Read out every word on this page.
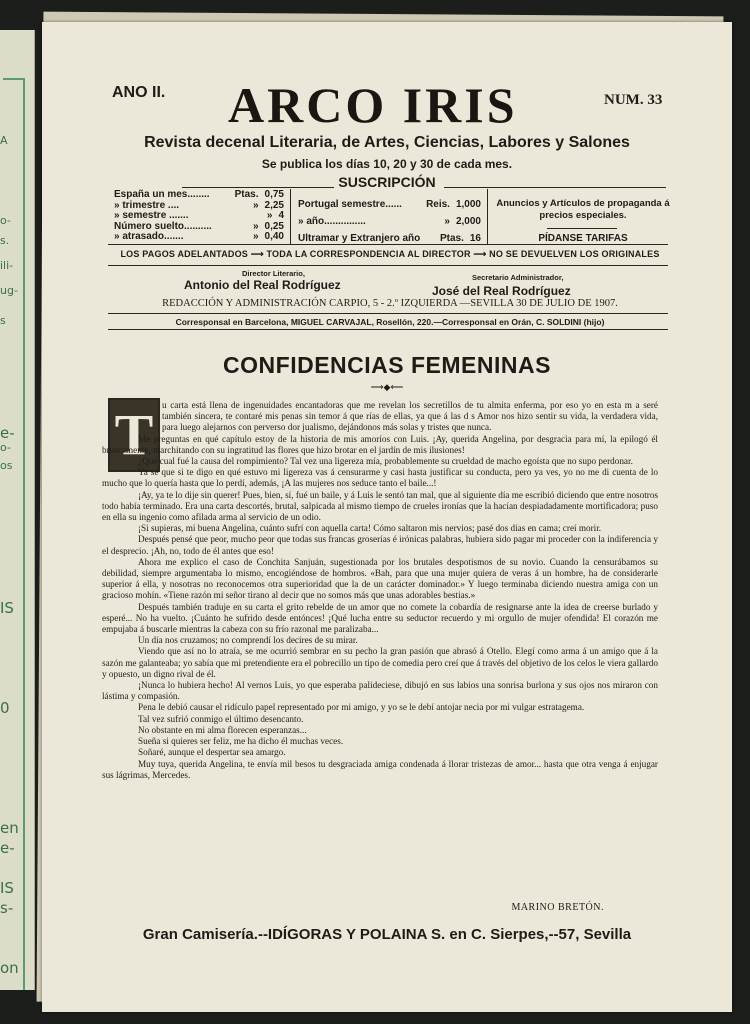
A
o-
s.
ili-
ug-
s
e-
o-
os
IS
0
en
e-
IS
s-
on
ANO II. ARCO IRIS	NUM. 33
Revista decenal Literaria, de Artes, Ciencias, Labores y Salones
Se publica los días 10, 20 y 30 de cada mes.
SUSCRIPCIÓN
España un mes........	Ptas. 0,75
» trimestre ....	» 2,25
» semestre .......	» 4
Número suelto..........	» 0,25
» atrasado.......	» 0,40
Portugal semestre...... Reis. 1,000
» año...............	» 2,000
Ultramar y Extranjero año Ptas. 16
Anuncios y Artículos de propaganda á precios especiales.
PÍDANSE TARIFAS
LOS PAGOS ADELANTADOS ⟶ TODA LA CORRESPONDENCIA AL DIRECTOR ⟶ NO SE DEVUELVEN LOS ORIGINALES
Director Literario,
Antonio del Real Rodríguez
Secretario Administrador,
José del Real Rodríguez
REDACCIÓN Y ADMINISTRACIÓN CARPIO, 5 - 2.º IZQUIERDA —SEVILLA 30 DE JULIO DE 1907.
Corresponsal en Barcelona, MIGUEL CARVAJAL, Rosellón, 220.—Corresponsal en Orán, C. SOLDINI (hijo)
CONFIDENCIAS FEMENINAS
⟶◆⟵
T u carta está llena de ingenuidades encantadoras que me revelan los secretillos de tu almita enferma, por eso yo en esta m a seré también sincera, te contaré mis penas sin temor á que rías de ellas, ya que á las d s Amor nos hizo sentir su vida, la verdadera vida, para luego alejarnos con perverso dor jualismo, dejándonos más solas y tristes que nunca.

Me preguntas en qué capítulo estoy de la historia de mis amoríos con Luis. ¡Ay, querida Angelina, por desgracia para mí, la epilogó él bruscamente, marchitando con su ingratitud las flores que hizo brotar en el jardín de mis ilusiones!

¿Qué cual fué la causa del rompimiento? Tal vez una ligereza mía, probablemente su crueldad de macho egoísta que no supo perdonar.

Ya sé que si te digo en qué estuvo mi ligereza vas á censurarme y casi hasta justificar su conducta, pero ya ves, yo no me di cuenta de lo mucho que lo quería hasta que lo perdí, además, ¡A las mujeres nos seduce tanto el baile...!

¡Ay, ya te lo dije sin querer! Pues, bien, sí, fué un baile, y á Luis le sentó tan mal, que al siguiente día me escribió diciendo que entre nosotros todo había terminado. Era una carta descortés, brutal, salpicada al mismo tiempo de crueles ironías que la hacían despiadadamente mortificadora; puso en ella su ingenio como afilada arma al servicio de un odio.

¡Si supieras, mi buena Angelina, cuánto sufrí con aquella carta! Cómo saltaron mis nervios; pasé dos días en cama; creí morir.

Después pensé que peor, mucho peor que todas sus francas groserías é irónicas palabras, hubiera sido pagar mi proceder con la indiferencia y el desprecio. ¡Ah, no, todo de él antes que eso!

Ahora me explico el caso de Conchita Sanjuán, sugestionada por los brutales despotismos de su novio. Cuando la censurábamos su debilidad, siempre argumentaba lo mismo, encogiéndose de hombros. «Bah, para que una mujer quiera de veras á un hombre, ha de considerarle superior á ella, y nosotras no reconocemos otra superioridad que la de un carácter dominador.» Y luego terminaba diciendo nuestra amiga con un gracioso mohín. «Tiene razón mi señor tirano al decir que no somos más que unas adorables bestias.»

Después también traduje en su carta el grito rebelde de un amor que no comete la cobardía de resignarse ante la idea de creerse burlado y esperé... No ha vuelto. ¡Cuánto he sufrido desde entónces! ¡Qué lucha entre su seductor recuerdo y mi orgullo de mujer ofendida! El corazón me empujaba á buscarle mientras la cabeza con su frío razonal me paralizaba...

Un día nos cruzamos; no comprendí los decires de su mirar.

Viendo que así no lo atraía, se me ocurrió sembrar en su pecho la gran pasión que abrasó á Otello. Elegí como arma á un amigo que á la sazón me galanteaba; yo sabía que mi pretendiente era el pobrecillo un tipo de comedia pero creí que á través del objetivo de los celos le viera gallardo y opuesto, un digno rival de él.

¡Nunca lo hubiera hecho! Al vernos Luis, yo que esperaba palideciese, dibujó en sus labios una sonrisa burlona y sus ojos nos miraron con lástima y compasión.

Pena le debió causar el ridículo papel representado por mi amigo, y yo se le debí antojar necia por mi vulgar estratagema.

Tal vez sufrió conmigo el último desencanto.

No obstante en mi alma florecen esperanzas...

Sueña si quieres ser feliz, me ha dicho él muchas veces.

Soñaré, aunque el despertar sea amargo.

Muy tuya, querida Angelina, te envía mil besos tu desgraciada amiga condenada á llorar tristezas de amor... hasta que otra venga á enjugar sus lágrimas, Mercedes.

MARINO BRETÓN.
Gran Camisería.--IDÍGORAS Y POLAINA S. en C. Sierpes,--57, Sevilla
